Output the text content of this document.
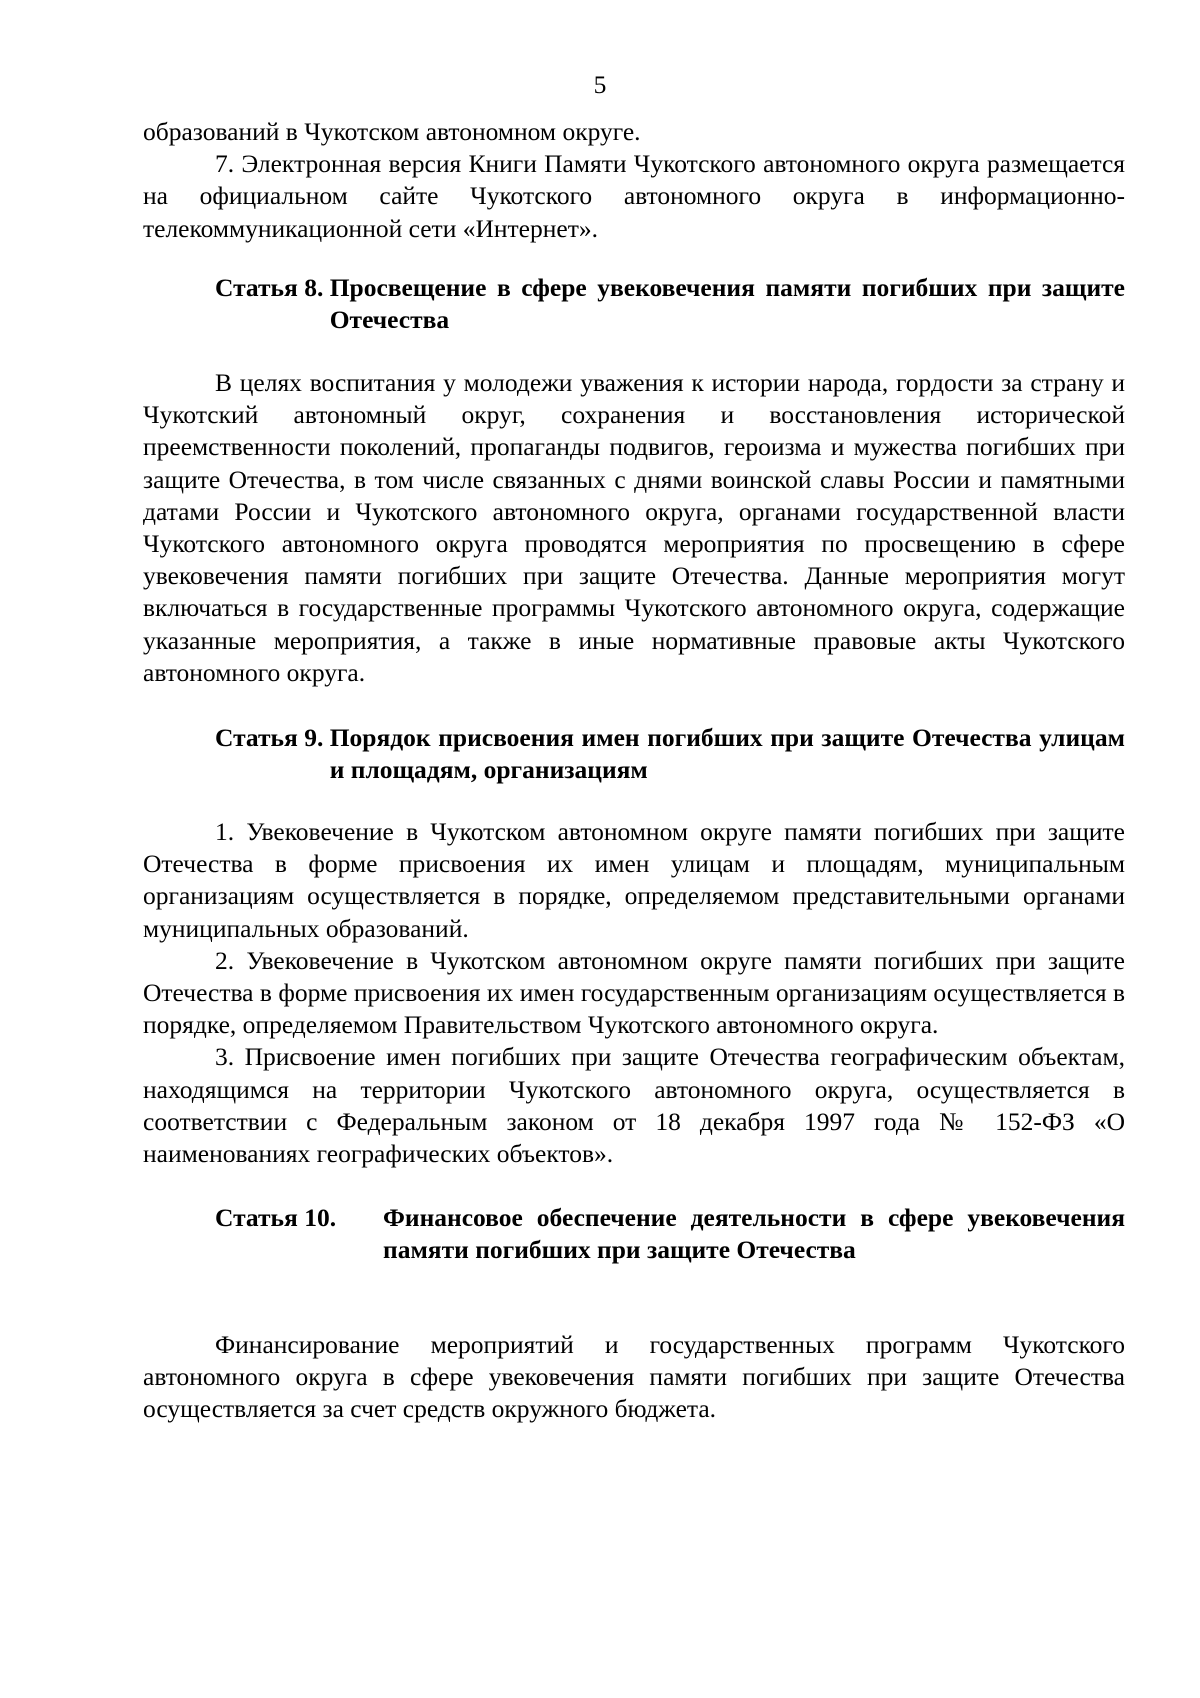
5

образований в Чукотском автономном округе.

7. Электронная версия Книги Памяти Чукотского автономного округа размещается на официальном сайте Чукотского автономного округа в информационно-телекоммуникационной сети «Интернет».

Статья 8. Просвещение в сфере увековечения памяти погибших при защите Отечества

В целях воспитания у молодежи уважения к истории народа, гордости за страну и Чукотский автономный округ, сохранения и восстановления исторической преемственности поколений, пропаганды подвигов, героизма и мужества погибших при защите Отечества, в том числе связанных с днями воинской славы России и памятными датами России и Чукотского автономного округа, органами государственной власти Чукотского автономного округа проводятся мероприятия по просвещению в сфере увековечения памяти погибших при защите Отечества. Данные мероприятия могут включаться в государственные программы Чукотского автономного округа, содержащие указанные мероприятия, а также в иные нормативные правовые акты Чукотского автономного округа.

Статья 9. Порядок присвоения имен погибших при защите Отечества улицам и площадям, организациям

1. Увековечение в Чукотском автономном округе памяти погибших при защите Отечества в форме присвоения их имен улицам и площадям, муниципальным организациям осуществляется в порядке, определяемом представительными органами муниципальных образований.

2. Увековечение в Чукотском автономном округе памяти погибших при защите Отечества в форме присвоения их имен государственным организациям осуществляется в порядке, определяемом Правительством Чукотского автономного округа.

3. Присвоение имен погибших при защите Отечества географическим объектам, находящимся на территории Чукотского автономного округа, осуществляется в соответствии с Федеральным законом от 18 декабря 1997 года № 152-ФЗ «О наименованиях географических объектов».

Статья 10.	Финансовое обеспечение деятельности в сфере увековечения памяти погибших при защите Отечества

Финансирование мероприятий и государственных программ Чукотского автономного округа в сфере увековечения памяти погибших при защите Отечества осуществляется за счет средств окружного бюджета.
